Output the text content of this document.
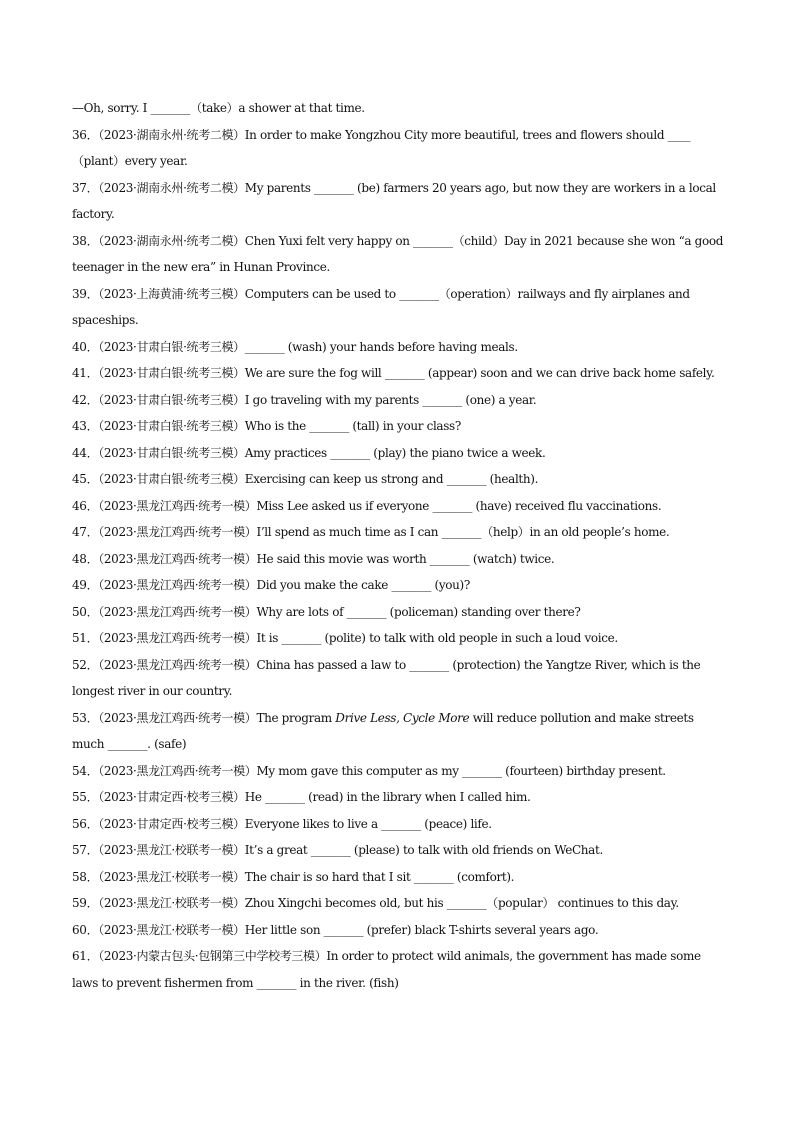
—Oh, sorry. I _______（take）a shower at that time.

36．（2023·湖南永州·统考二模）In order to make Yongzhou City more beautiful, trees and flowers should ____（plant）every year.

37．（2023·湖南永州·统考二模）My parents _______ (be) farmers 20 years ago, but now they are workers in a local factory.

38．（2023·湖南永州·统考二模）Chen Yuxi felt very happy on _______（child）Day in 2021 because she won “a good teenager in the new era” in Hunan Province.

39．（2023·上海黄浦·统考三模）Computers can be used to _______（operation）railways and fly airplanes and spaceships.

40．（2023·甘肃白银·统考三模）_______ (wash) your hands before having meals.

41．（2023·甘肃白银·统考三模）We are sure the fog will _______ (appear) soon and we can drive back home safely.

42．（2023·甘肃白银·统考三模）I go traveling with my parents _______ (one) a year.

43．（2023·甘肃白银·统考三模）Who is the _______ (tall) in your class?

44．（2023·甘肃白银·统考三模）Amy practices _______ (play) the piano twice a week.

45．（2023·甘肃白银·统考三模）Exercising can keep us strong and _______ (health).

46．（2023·黑龙江鸡西·统考一模）Miss Lee asked us if everyone _______ (have) received flu vaccinations.

47．（2023·黑龙江鸡西·统考一模）I’ll spend as much time as I can _______（help）in an old people’s home.

48．（2023·黑龙江鸡西·统考一模）He said this movie was worth _______ (watch) twice.

49．（2023·黑龙江鸡西·统考一模）Did you make the cake _______ (you)?

50．（2023·黑龙江鸡西·统考一模）Why are lots of _______ (policeman) standing over there?

51．（2023·黑龙江鸡西·统考一模）It is _______ (polite) to talk with old people in such a loud voice.

52．（2023·黑龙江鸡西·统考一模）China has passed a law to _______ (protection) the Yangtze River, which is the longest river in our country.

53．（2023·黑龙江鸡西·统考一模）The program Drive Less, Cycle More will reduce pollution and make streets much _______. (safe)

54．（2023·黑龙江鸡西·统考一模）My mom gave this computer as my _______ (fourteen) birthday present.

55．（2023·甘肃定西·校考三模）He _______ (read) in the library when I called him.

56．（2023·甘肃定西·校考三模）Everyone likes to live a _______ (peace) life.

57．（2023·黑龙江·校联考一模）It’s a great _______ (please) to talk with old friends on WeChat.

58．（2023·黑龙江·校联考一模）The chair is so hard that I sit _______ (comfort).

59．（2023·黑龙江·校联考一模）Zhou Xingchi becomes old, but his _______（popular） continues to this day.

60．（2023·黑龙江·校联考一模）Her little son _______ (prefer) black T-shirts several years ago.

61．（2023·内蒙古包头·包钢第三中学校考三模）In order to protect wild animals, the government has made some laws to prevent fishermen from _______ in the river. (fish)
